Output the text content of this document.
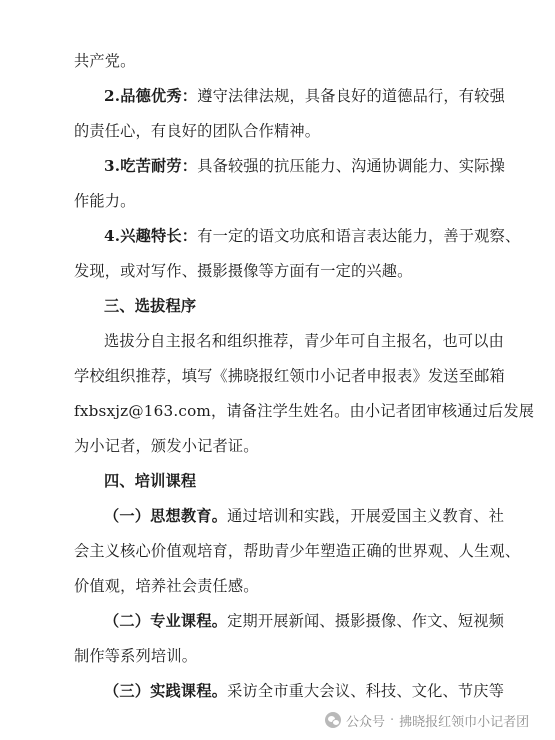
共产党。
2.品德优秀：遵守法律法规，具备良好的道德品行，有较强
的责任心，有良好的团队合作精神。
3.吃苦耐劳：具备较强的抗压能力、沟通协调能力、实际操
作能力。
4.兴趣特长：有一定的语文功底和语言表达能力，善于观察、
发现，或对写作、摄影摄像等方面有一定的兴趣。
三、选拔程序
选拔分自主报名和组织推荐，青少年可自主报名，也可以由
学校组织推荐，填写《拂晓报红领巾小记者申报表》发送至邮箱
fxbsxjz@163.com，请备注学生姓名。由小记者团审核通过后发展
为小记者，颁发小记者证。
四、培训课程
（一）思想教育。通过培训和实践，开展爱国主义教育、社
会主义核心价值观培育，帮助青少年塑造正确的世界观、人生观、
价值观，培养社会责任感。
（二）专业课程。定期开展新闻、摄影摄像、作文、短视频
制作等系列培训。
（三）实践课程。采访全市重大会议、科技、文化、节庆等
公众号 · 拂晓报红领巾小记者团
